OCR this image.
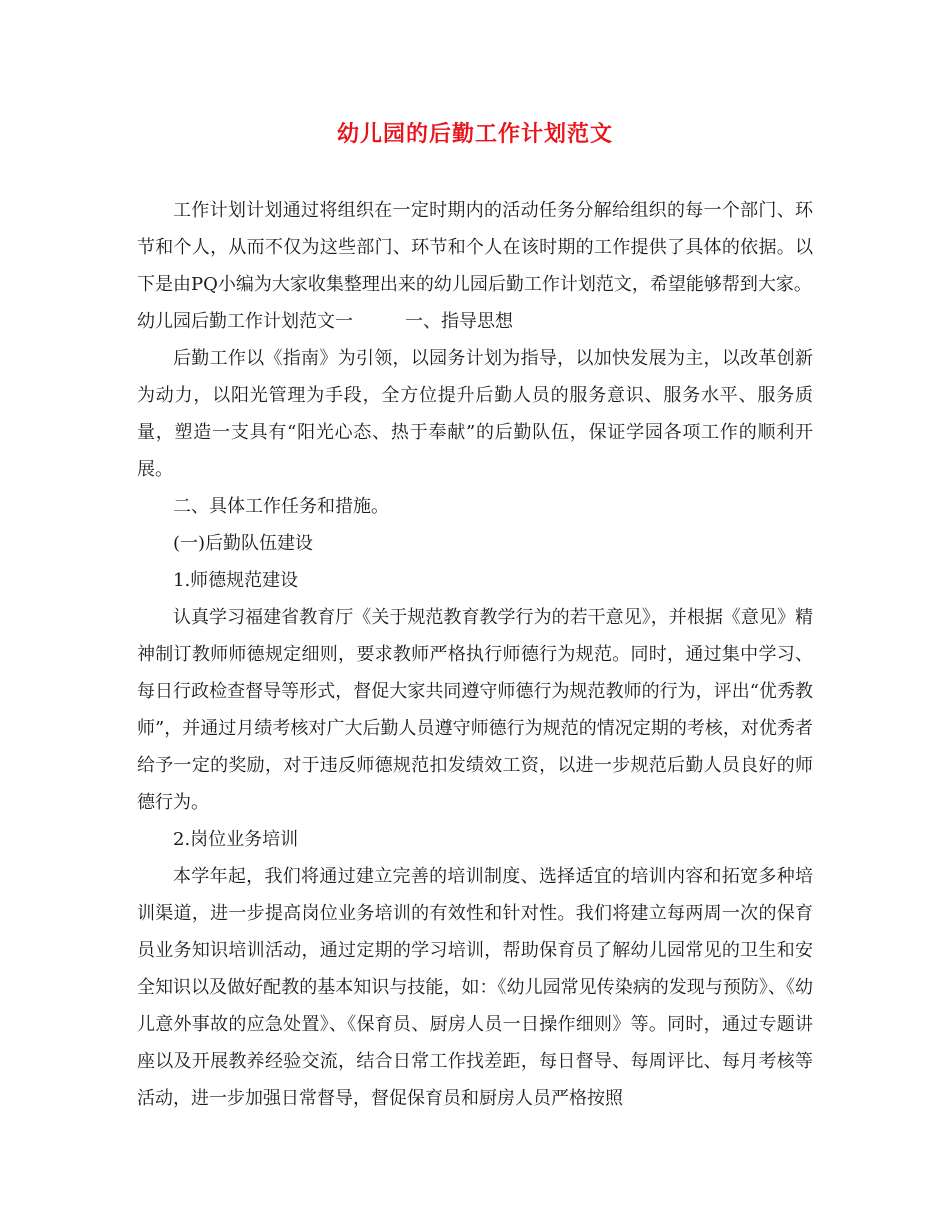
幼儿园的后勤工作计划范文

工作计划计划通过将组织在一定时期内的活动任务分解给组织的每一个部门、环节和个人，从而不仅为这些部门、环节和个人在该时期的工作提供了具体的依据。以下是由PQ小编为大家收集整理出来的幼儿园后勤工作计划范文，希望能够帮到大家。

幼儿园后勤工作计划范文一	一、指导思想

后勤工作以《指南》为引领，以园务计划为指导，以加快发展为主，以改革创新为动力，以阳光管理为手段，全方位提升后勤人员的服务意识、服务水平、服务质量，塑造一支具有“阳光心态、热于奉献”的后勤队伍，保证学园各项工作的顺利开展。

二、具体工作任务和措施。

(一)后勤队伍建设

1.师德规范建设

认真学习福建省教育厅《关于规范教育教学行为的若干意见》，并根据《意见》精神制订教师师德规定细则，要求教师严格执行师德行为规范。同时，通过集中学习、每日行政检查督导等形式，督促大家共同遵守师德行为规范教师的行为，评出“优秀教师”，并通过月绩考核对广大后勤人员遵守师德行为规范的情况定期的考核，对优秀者给予一定的奖励，对于违反师德规范扣发绩效工资，以进一步规范后勤人员良好的师德行为。

2.岗位业务培训

本学年起，我们将通过建立完善的培训制度、选择适宜的培训内容和拓宽多种培训渠道，进一步提高岗位业务培训的有效性和针对性。我们将建立每两周一次的保育员业务知识培训活动，通过定期的学习培训，帮助保育员了解幼儿园常见的卫生和安全知识以及做好配教的基本知识与技能，如：《幼儿园常见传染病的发现与预防》、《幼儿意外事故的应急处置》、《保育员、厨房人员一日操作细则》等。同时，通过专题讲座以及开展教养经验交流，结合日常工作找差距，每日督导、每周评比、每月考核等活动，进一步加强日常督导，督促保育员和厨房人员严格按照
